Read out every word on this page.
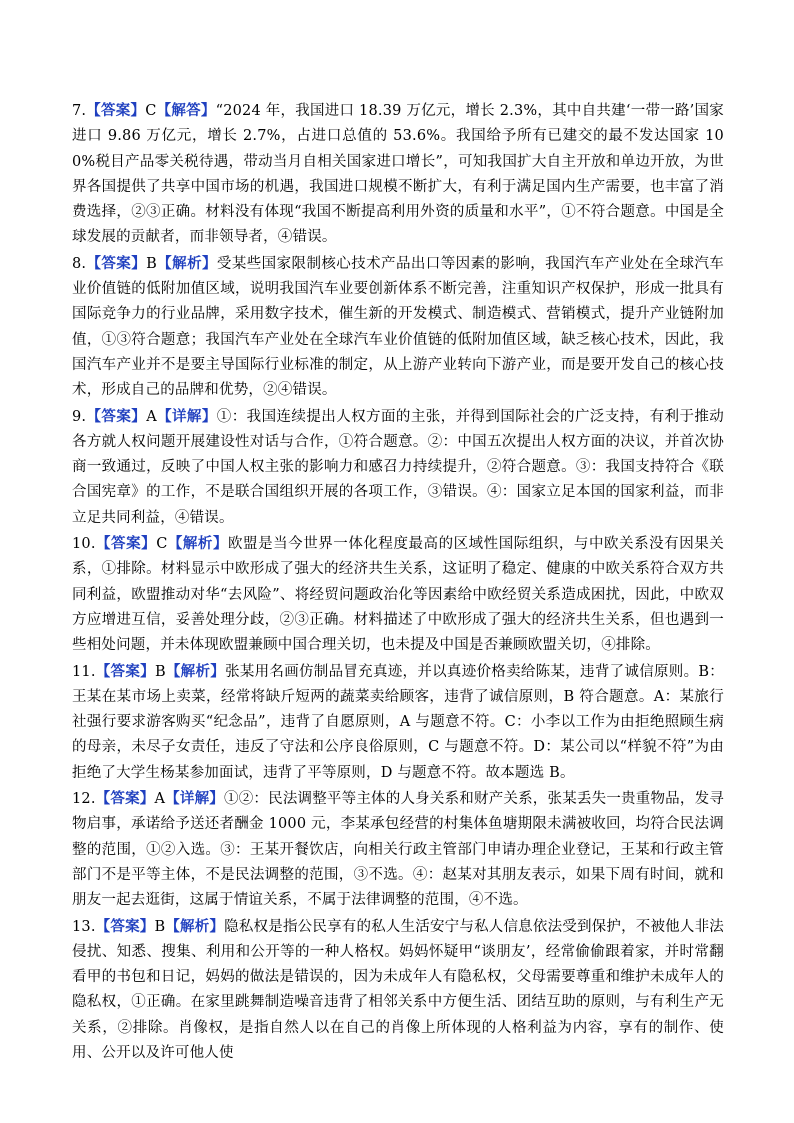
7.【答案】C【解答】“2024 年，我国进口 18.39 万亿元，增长 2.3%，其中自共建‘一带一路’国家进口 9.86 万亿元，增长 2.7%，占进口总值的 53.6%。我国给予所有已建交的最不发达国家 100%税目产品零关税待遇，带动当月自相关国家进口增长”，可知我国扩大自主开放和单边开放，为世界各国提供了共享中国市场的机遇，我国进口规模不断扩大，有利于满足国内生产需要，也丰富了消费选择，②③正确。材料没有体现“我国不断提高利用外资的质量和水平”，①不符合题意。中国是全球发展的贡献者，而非领导者，④错误。

8.【答案】B【解析】受某些国家限制核心技术产品出口等因素的影响，我国汽车产业处在全球汽车业价值链的低附加值区域，说明我国汽车业要创新体系不断完善，注重知识产权保护，形成一批具有国际竞争力的行业品牌，采用数字技术，催生新的开发模式、制造模式、营销模式，提升产业链附加值，①③符合题意；我国汽车产业处在全球汽车业价值链的低附加值区域，缺乏核心技术，因此，我国汽车产业并不是要主导国际行业标准的制定，从上游产业转向下游产业，而是要开发自己的核心技术，形成自己的品牌和优势，②④错误。

9.【答案】A【详解】①：我国连续提出人权方面的主张，并得到国际社会的广泛支持，有利于推动各方就人权问题开展建设性对话与合作，①符合题意。②：中国五次提出人权方面的决议，并首次协商一致通过，反映了中国人权主张的影响力和感召力持续提升，②符合题意。③：我国支持符合《联合国宪章》的工作，不是联合国组织开展的各项工作，③错误。④：国家立足本国的国家利益，而非立足共同利益，④错误。

10.【答案】C【解析】欧盟是当今世界一体化程度最高的区域性国际组织，与中欧关系没有因果关系，①排除。材料显示中欧形成了强大的经济共生关系，这证明了稳定、健康的中欧关系符合双方共同利益，欧盟推动对华“去风险”、将经贸问题政治化等因素给中欧经贸关系造成困扰，因此，中欧双方应增进互信，妥善处理分歧，②③正确。材料描述了中欧形成了强大的经济共生关系，但也遇到一些相处问题，并未体现欧盟兼顾中国合理关切，也未提及中国是否兼顾欧盟关切，④排除。

11.【答案】B【解析】张某用名画仿制品冒充真迹，并以真迹价格卖给陈某，违背了诚信原则。B：王某在某市场上卖菜，经常将缺斤短两的蔬菜卖给顾客，违背了诚信原则，B 符合题意。A：某旅行社强行要求游客购买“纪念品”，违背了自愿原则，A 与题意不符。C：小李以工作为由拒绝照顾生病的母亲，未尽子女责任，违反了守法和公序良俗原则，C 与题意不符。D：某公司以“样貌不符”为由拒绝了大学生杨某参加面试，违背了平等原则，D 与题意不符。故本题选 B。

12.【答案】A【详解】①②：民法调整平等主体的人身关系和财产关系，张某丢失一贵重物品，发寻物启事，承诺给予送还者酬金 1000 元，李某承包经营的村集体鱼塘期限未满被收回，均符合民法调整的范围，①②入选。③：王某开餐饮店，向相关行政主管部门申请办理企业登记，王某和行政主管部门不是平等主体，不是民法调整的范围，③不选。④：赵某对其朋友表示，如果下周有时间，就和朋友一起去逛街，这属于情谊关系，不属于法律调整的范围，④不选。

13.【答案】B【解析】隐私权是指公民享有的私人生活安宁与私人信息依法受到保护，不被他人非法侵扰、知悉、搜集、利用和公开等的一种人格权。妈妈怀疑甲“谈朋友’，经常偷偷跟着家，并时常翻看甲的书包和日记，妈妈的做法是错误的，因为未成年人有隐私权，父母需要尊重和维护未成年人的隐私权，①正确。在家里跳舞制造噪音违背了相邻关系中方便生活、团结互助的原则，与有利生产无关系，②排除。肖像权，是指自然人以在自己的肖像上所体现的人格利益为内容，享有的制作、使用、公开以及许可他人使
